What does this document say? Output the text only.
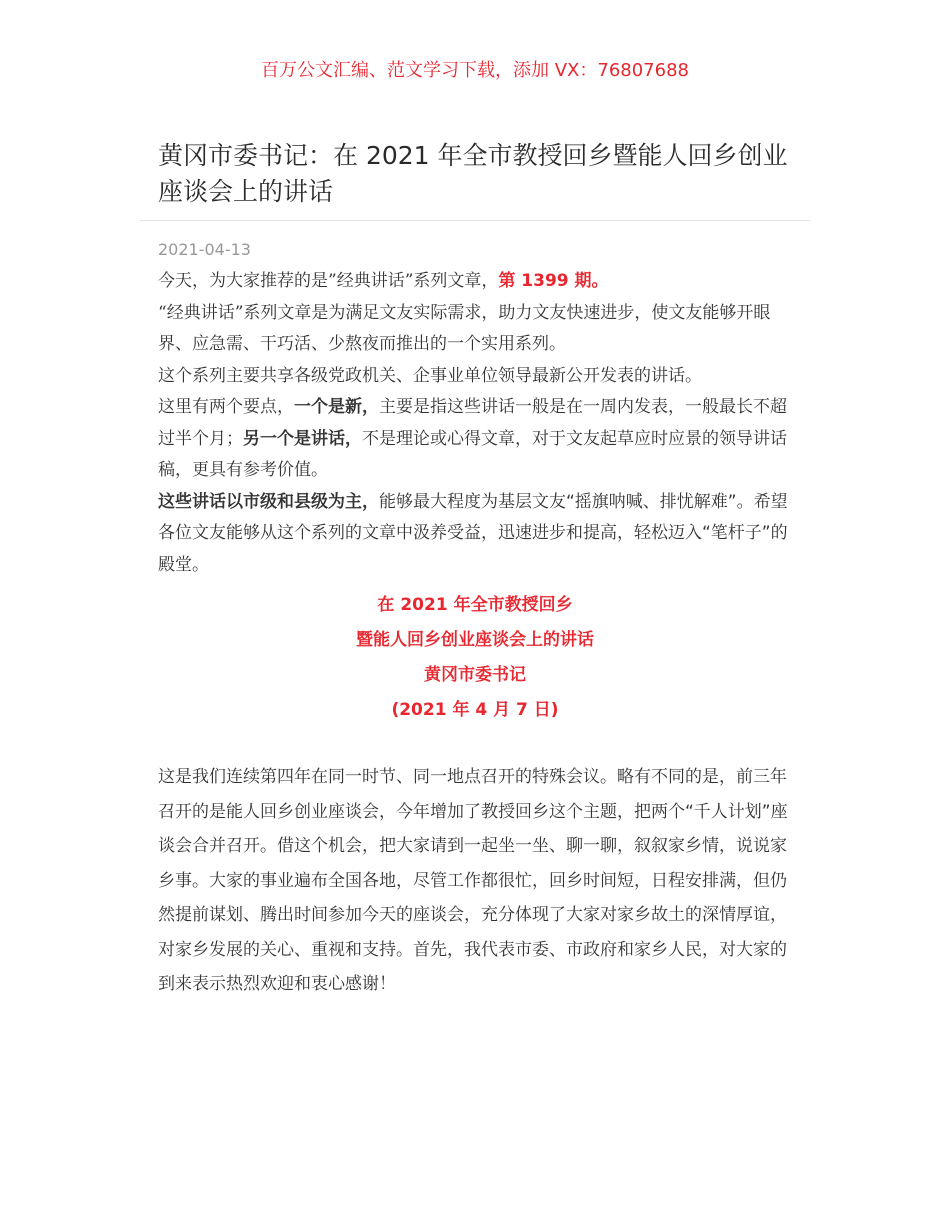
百万公文汇编、范文学习下载，添加 VX：76807688
黄冈市委书记：在 2021 年全市教授回乡暨能人回乡创业座谈会上的讲话
2021-04-13

今天，为大家推荐的是”经典讲话”系列文章，第 1399 期。

“经典讲话”系列文章是为满足文友实际需求，助力文友快速进步，使文友能够开眼界、应急需、干巧活、少熬夜而推出的一个实用系列。

这个系列主要共享各级党政机关、企事业单位领导最新公开发表的讲话。

这里有两个要点，一个是新，主要是指这些讲话一般是在一周内发表，一般最长不超过半个月；另一个是讲话，不是理论或心得文章，对于文友起草应时应景的领导讲话稿，更具有参考价值。

这些讲话以市级和县级为主，能够最大程度为基层文友“摇旗呐喊、排忧解难”。希望各位文友能够从这个系列的文章中汲养受益，迅速进步和提高，轻松迈入“笔杆子”的殿堂。

在 2021 年全市教授回乡
暨能人回乡创业座谈会上的讲话
黄冈市委书记
(2021 年 4 月 7 日)

这是我们连续第四年在同一时节、同一地点召开的特殊会议。略有不同的是，前三年召开的是能人回乡创业座谈会，今年增加了教授回乡这个主题，把两个“千人计划”座谈会合并召开。借这个机会，把大家请到一起坐一坐、聊一聊，叙叙家乡情，说说家乡事。大家的事业遍布全国各地，尽管工作都很忙，回乡时间短，日程安排满，但仍然提前谋划、腾出时间参加今天的座谈会，充分体现了大家对家乡故土的深情厚谊，对家乡发展的关心、重视和支持。首先，我代表市委、市政府和家乡人民，对大家的到来表示热烈欢迎和衷心感谢！
